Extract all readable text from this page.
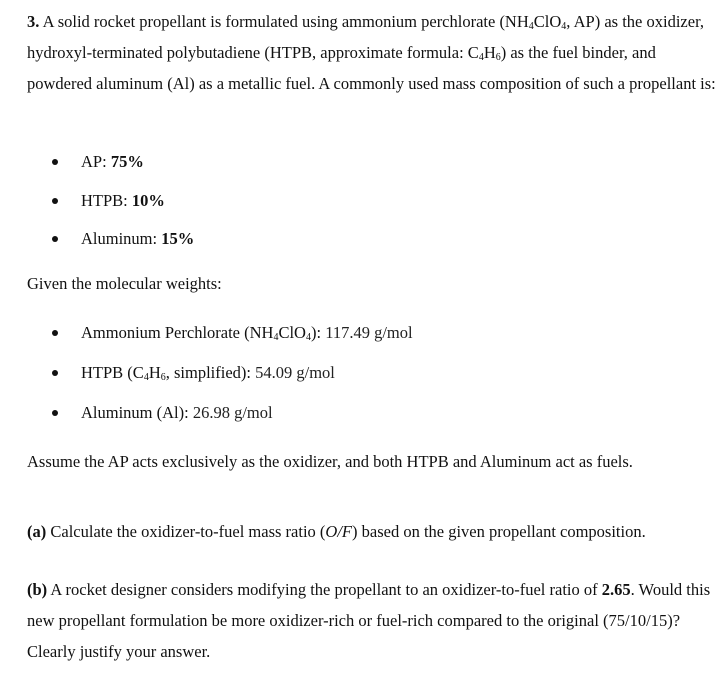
3. A solid rocket propellant is formulated using ammonium perchlorate ($NH_4ClO_4$, AP) as the oxidizer, hydroxyl-terminated polybutadiene (HTPB, approximate formula: $C_4H_6$) as the fuel binder, and powdered aluminum (Al) as a metallic fuel. A commonly used mass composition of such a propellant is:

AP: 75%
HTPB: 10%
Aluminum: 15%

Given the molecular weights:

Ammonium Perchlorate $(NH_4ClO_4)$: 117.49 g/mol
HTPB ($C_4H_6$, simplified): 54.09 g/mol
Aluminum (Al): 26.98 g/mol

Assume the AP acts exclusively as the oxidizer, and both HTPB and Aluminum act as fuels.

(a) Calculate the oxidizer-to-fuel mass ratio (O/F) based on the given propellant composition.

(b) A rocket designer considers modifying the propellant to an oxidizer-to-fuel ratio of 2.65. Would this new propellant formulation be more oxidizer-rich or fuel-rich compared to the original (75/10/15)? Clearly justify your answer.
